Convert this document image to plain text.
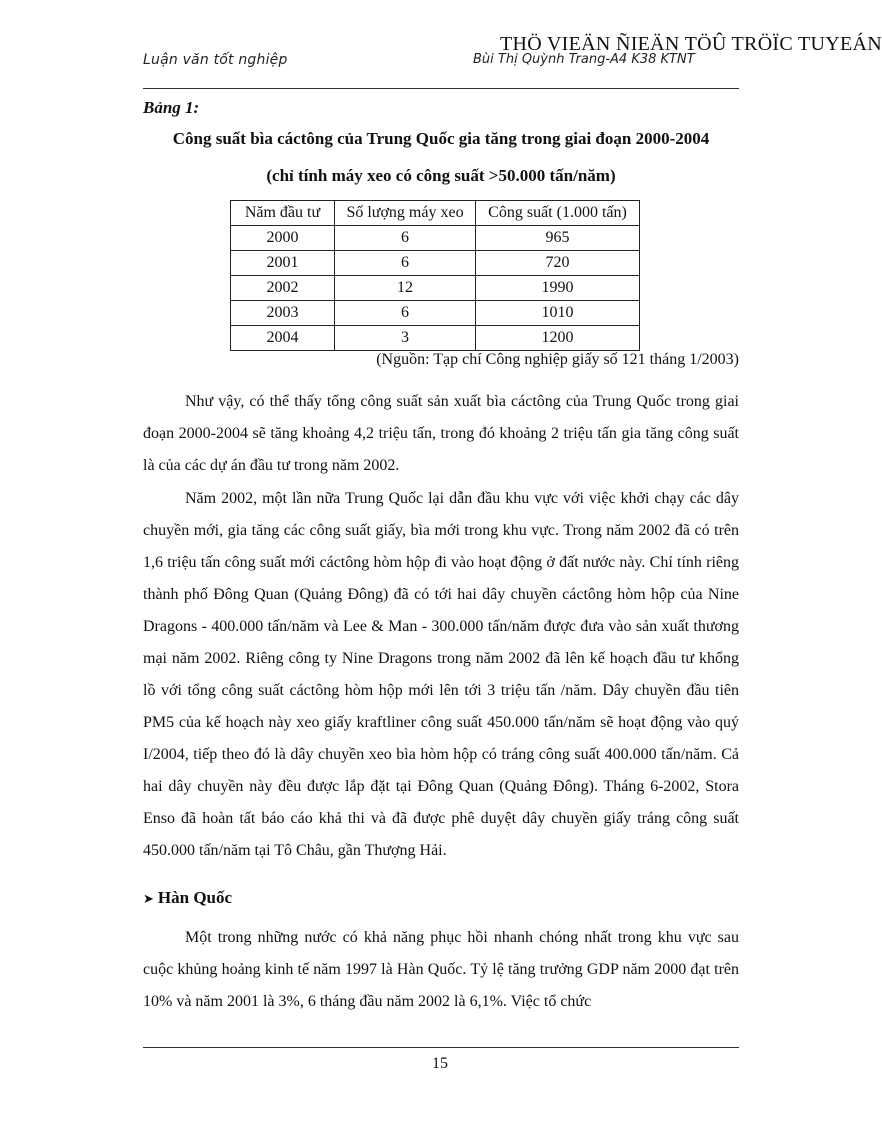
THÖ VIEÄN ÑIEÄN TÖÛ TRÖÏC TUYEÁN
Luận văn tốt nghiệp	Bùi Thị Quỳnh Trang-A4 K38 KTNT
Bảng 1:
Công suất bìa cáctông của Trung Quốc gia tăng trong giai đoạn 2000-2004
(chỉ tính máy xeo có công suất >50.000 tấn/năm)
Năm đầu tư	Số lượng máy xeo	Công suất (1.000 tấn)
2000	6	965
2001	6	720
2002	12	1990
2003	6	1010
2004	3	1200
(Nguồn: Tạp chí Công nghiệp giấy số 121 tháng 1/2003)

Như vậy, có thể thấy tổng công suất sản xuất bìa cáctông của Trung Quốc trong giai đoạn 2000-2004 sẽ tăng khoảng 4,2 triệu tấn, trong đó khoảng 2 triệu tấn gia tăng công suất là của các dự án đầu tư trong năm 2002.

Năm 2002, một lần nữa Trung Quốc lại dẫn đầu khu vực với việc khởi chạy các dây chuyền mới, gia tăng các công suất giấy, bìa mới trong khu vực. Trong năm 2002 đã có trên 1,6 triệu tấn công suất mới cáctông hòm hộp đi vào hoạt động ở đất nước này. Chỉ tính riêng thành phố Đông Quan (Quảng Đông) đã có tới hai dây chuyền cáctông hòm hộp của Nine Dragons - 400.000 tấn/năm và Lee & Man - 300.000 tấn/năm được đưa vào sản xuất thương mại năm 2002. Riêng công ty Nine Dragons trong năm 2002 đã lên kế hoạch đầu tư khổng lồ với tổng công suất cáctông hòm hộp mới lên tới 3 triệu tấn /năm. Dây chuyền đầu tiên PM5 của kế hoạch này xeo giấy kraftliner công suất 450.000 tấn/năm sẽ hoạt động vào quý I/2004, tiếp theo đó là dây chuyền xeo bìa hòm hộp có tráng công suất 400.000 tấn/năm. Cả hai dây chuyền này đều được lắp đặt tại Đông Quan (Quảng Đông). Tháng 6-2002, Stora Enso đã hoàn tất báo cáo khả thi và đã được phê duyệt dây chuyền giấy tráng công suất 450.000 tấn/năm tại Tô Châu, gần Thượng Hải.

➤ Hàn Quốc

Một trong những nước có khả năng phục hồi nhanh chóng nhất trong khu vực sau cuộc khủng hoảng kinh tế năm 1997 là Hàn Quốc. Tỷ lệ tăng trưởng GDP năm 2000 đạt trên 10% và năm 2001 là 3%, 6 tháng đầu năm 2002 là 6,1%. Việc tổ chức

15
